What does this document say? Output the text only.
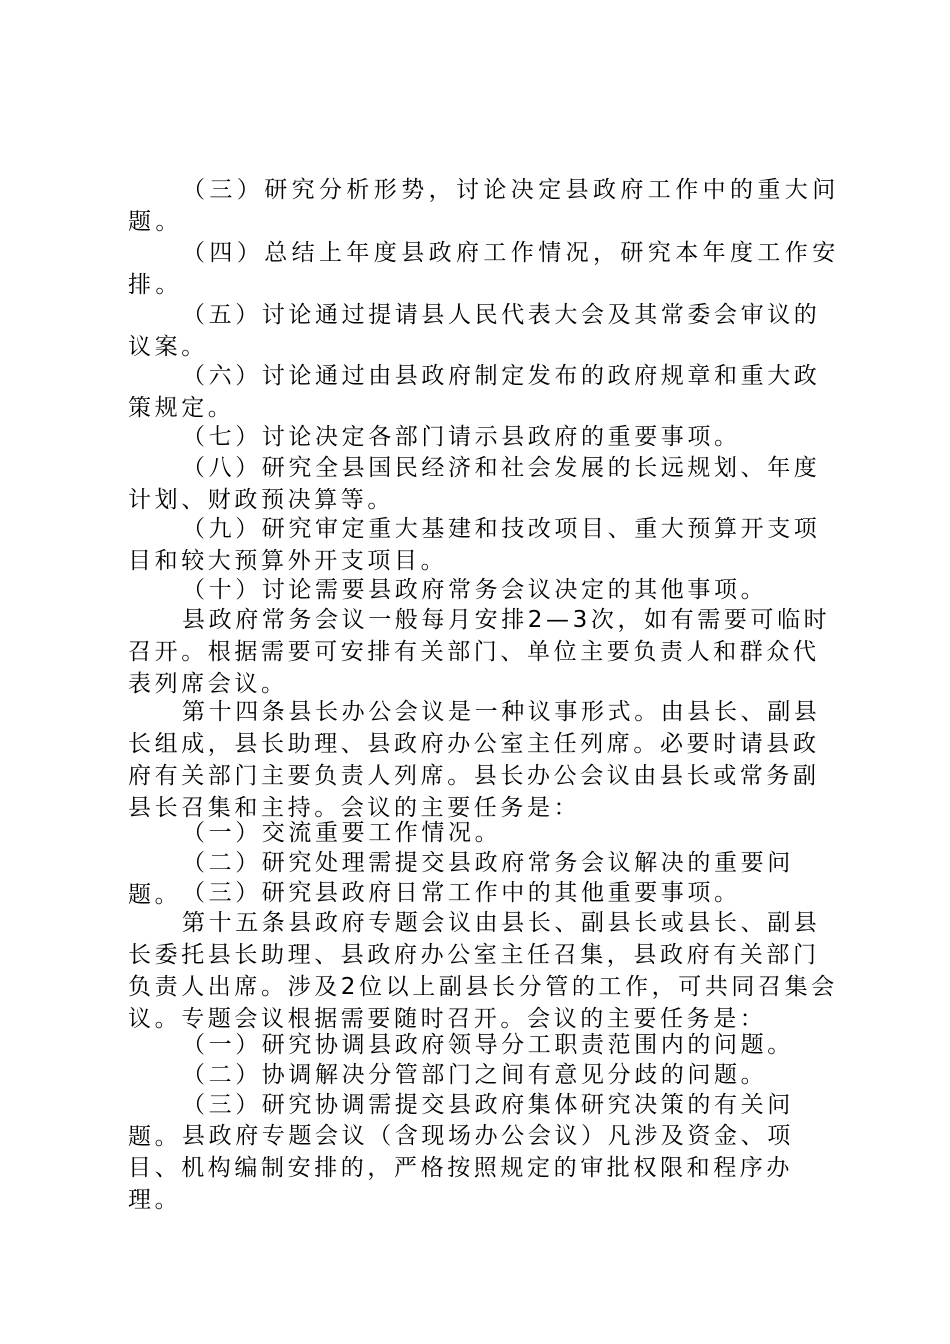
（三）研究分析形势，讨论决定县政府工作中的重大问题。

（四）总结上年度县政府工作情况，研究本年度工作安排。

（五）讨论通过提请县人民代表大会及其常委会审议的议案。

（六）讨论通过由县政府制定发布的政府规章和重大政策规定。

（七）讨论决定各部门请示县政府的重要事项。

（八）研究全县国民经济和社会发展的长远规划、年度计划、财政预决算等。

（九）研究审定重大基建和技改项目、重大预算开支项目和较大预算外开支项目。

（十）讨论需要县政府常务会议决定的其他事项。

县政府常务会议一般每月安排2—3次，如有需要可临时召开。根据需要可安排有关部门、单位主要负责人和群众代表列席会议。

第十四条县长办公会议是一种议事形式。由县长、副县长组成，县长助理、县政府办公室主任列席。必要时请县政府有关部门主要负责人列席。县长办公会议由县长或常务副县长召集和主持。会议的主要任务是：

（一）交流重要工作情况。

（二）研究处理需提交县政府常务会议解决的重要问题。 （三）研究县政府日常工作中的其他重要事项。

第十五条县政府专题会议由县长、副县长或县长、副县长委托县长助理、县政府办公室主任召集，县政府有关部门负责人出席。涉及2位以上副县长分管的工作，可共同召集会议。专题会议根据需要随时召开。会议的主要任务是：

（一）研究协调县政府领导分工职责范围内的问题。

（二）协调解决分管部门之间有意见分歧的问题。

（三）研究协调需提交县政府集体研究决策的有关问题。 县政府专题会议（含现场办公会议）凡涉及资金、项目、机构编制安排的，严格按照规定的审批权限和程序办理。
